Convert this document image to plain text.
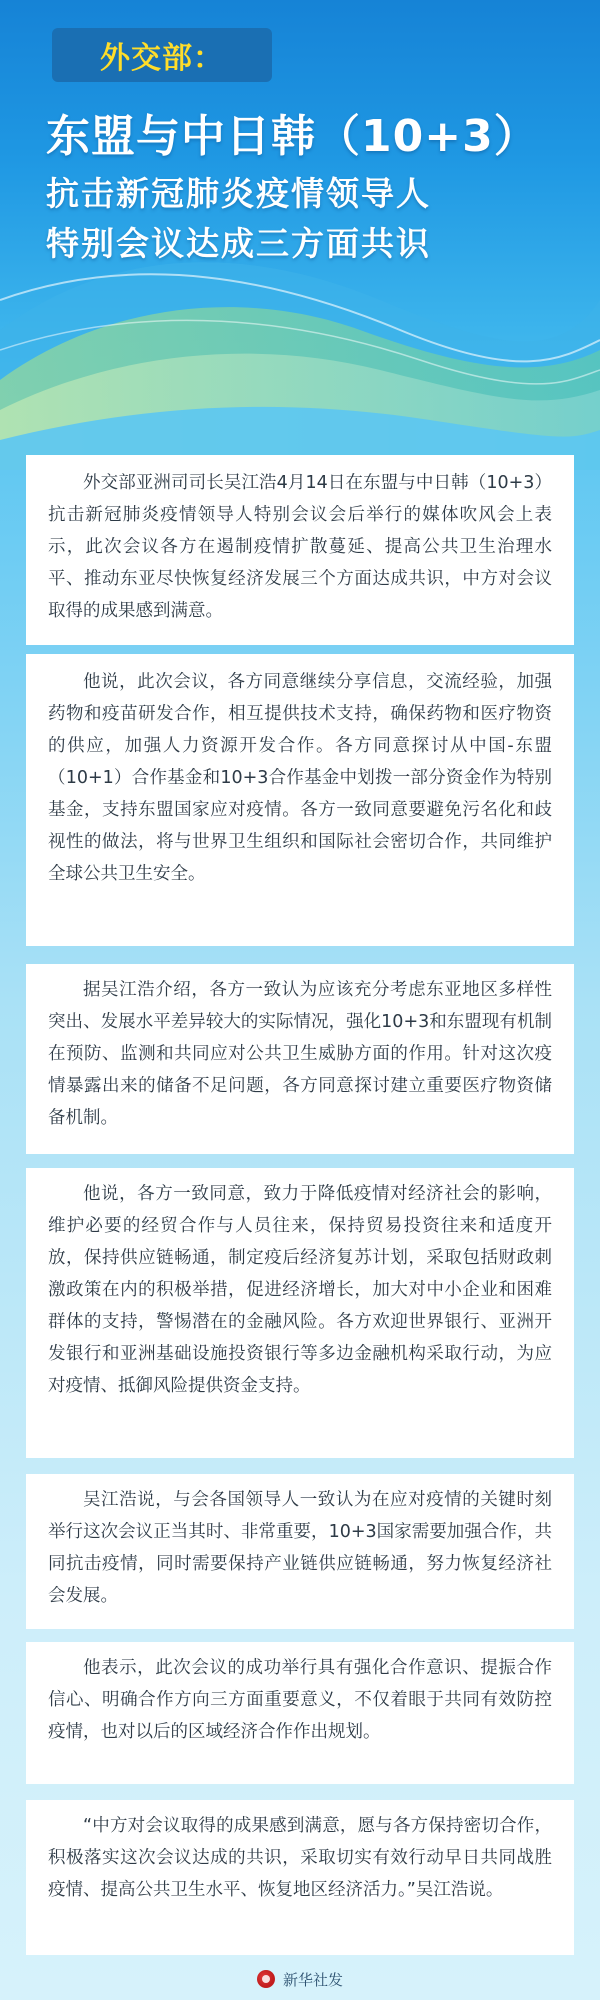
外交部：
东盟与中日韩（10+3）
抗击新冠肺炎疫情领导人
特别会议达成三方面共识

外交部亚洲司司长吴江浩4月14日在东盟与中日韩（10+3）抗击新冠肺炎疫情领导人特别会议会后举行的媒体吹风会上表示，此次会议各方在遏制疫情扩散蔓延、提高公共卫生治理水平、推动东亚尽快恢复经济发展三个方面达成共识，中方对会议取得的成果感到满意。

他说，此次会议，各方同意继续分享信息，交流经验，加强药物和疫苗研发合作，相互提供技术支持，确保药物和医疗物资的供应，加强人力资源开发合作。各方同意探讨从中国-东盟（10+1）合作基金和10+3合作基金中划拨一部分资金作为特别基金，支持东盟国家应对疫情。各方一致同意要避免污名化和歧视性的做法，将与世界卫生组织和国际社会密切合作，共同维护全球公共卫生安全。

据吴江浩介绍，各方一致认为应该充分考虑东亚地区多样性突出、发展水平差异较大的实际情况，强化10+3和东盟现有机制在预防、监测和共同应对公共卫生威胁方面的作用。针对这次疫情暴露出来的储备不足问题，各方同意探讨建立重要医疗物资储备机制。

他说，各方一致同意，致力于降低疫情对经济社会的影响，维护必要的经贸合作与人员往来，保持贸易投资往来和适度开放，保持供应链畅通，制定疫后经济复苏计划，采取包括财政刺激政策在内的积极举措，促进经济增长，加大对中小企业和困难群体的支持，警惕潜在的金融风险。各方欢迎世界银行、亚洲开发银行和亚洲基础设施投资银行等多边金融机构采取行动，为应对疫情、抵御风险提供资金支持。

吴江浩说，与会各国领导人一致认为在应对疫情的关键时刻举行这次会议正当其时、非常重要，10+3国家需要加强合作，共同抗击疫情，同时需要保持产业链供应链畅通，努力恢复经济社会发展。

他表示，此次会议的成功举行具有强化合作意识、提振合作信心、明确合作方向三方面重要意义，不仅着眼于共同有效防控疫情，也对以后的区域经济合作作出规划。

“中方对会议取得的成果感到满意，愿与各方保持密切合作，积极落实这次会议达成的共识，采取切实有效行动早日共同战胜疫情、提高公共卫生水平、恢复地区经济活力。”吴江浩说。

新华社发
